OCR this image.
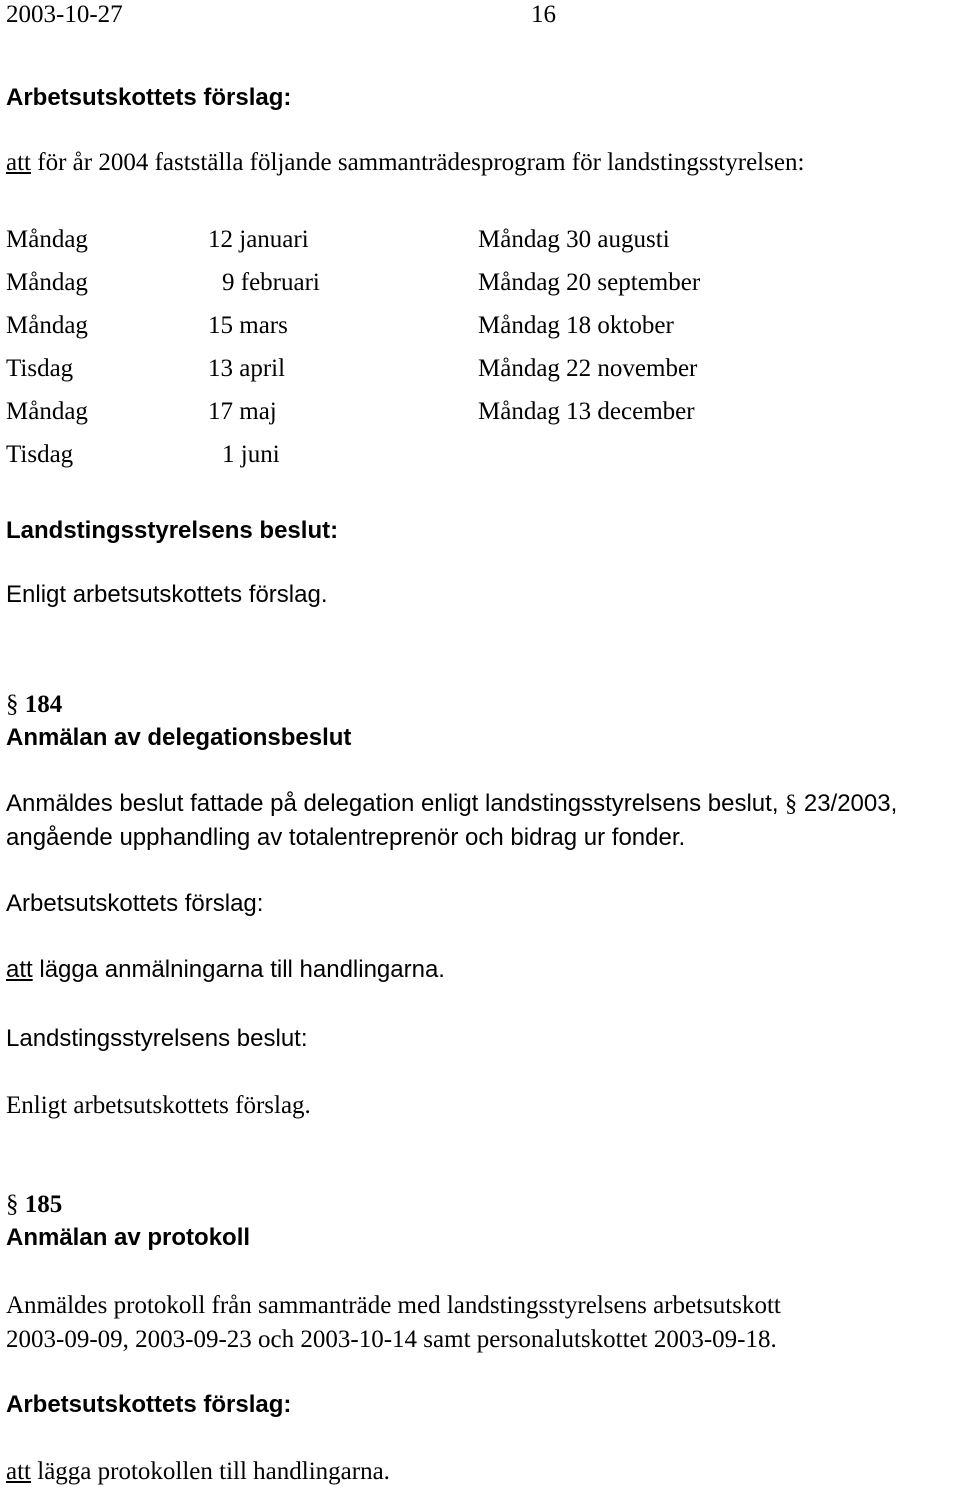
2003-10-27	16
Arbetsutskottets förslag:
att för år 2004 fastställa följande sammanträdesprogram för landstingsstyrelsen:
Måndag	12 januari	Måndag 30 augusti
Måndag	9 februari	Måndag 20 september
Måndag	15 mars	Måndag 18 oktober
Tisdag	13 april	Måndag 22 november
Måndag	17 maj	Måndag 13 december
Tisdag	1 juni
Landstingsstyrelsens beslut:
Enligt arbetsutskottets förslag.
§ 184
Anmälan av delegationsbeslut
Anmäldes beslut fattade på delegation enligt landstingsstyrelsens beslut, § 23/2003,
angående upphandling av totalentreprenör och bidrag ur fonder.
Arbetsutskottets förslag:
att lägga anmälningarna till handlingarna.
Landstingsstyrelsens beslut:
Enligt arbetsutskottets förslag.
§ 185
Anmälan av protokoll
Anmäldes protokoll från sammanträde med landstingsstyrelsens arbetsutskott
2003-09-09, 2003-09-23 och 2003-10-14 samt personalutskottet 2003-09-18.
Arbetsutskottets förslag:
att lägga protokollen till handlingarna.
